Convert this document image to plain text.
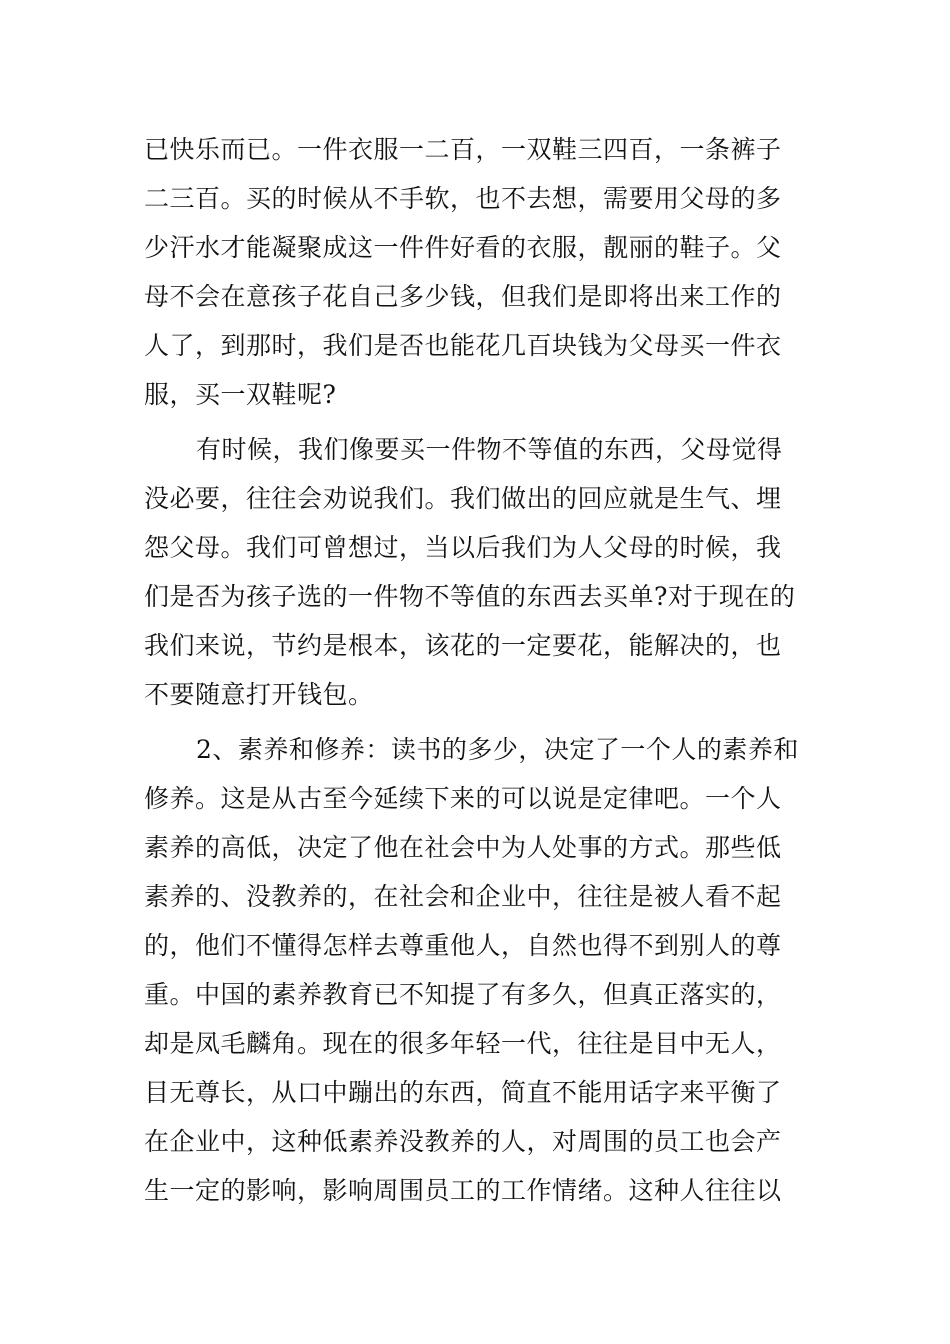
已快乐而已。一件衣服一二百，一双鞋三四百，一条裤子

二三百。买的时候从不手软，也不去想，需要用父母的多

少汗水才能凝聚成这一件件好看的衣服，靓丽的鞋子。父

母不会在意孩子花自己多少钱，但我们是即将出来工作的

人了，到那时，我们是否也能花几百块钱为父母买一件衣

服，买一双鞋呢?

有时候，我们像要买一件物不等值的东西，父母觉得

没必要，往往会劝说我们。我们做出的回应就是生气、埋

怨父母。我们可曾想过，当以后我们为人父母的时候，我

们是否为孩子选的一件物不等值的东西去买单?对于现在的

我们来说，节约是根本，该花的一定要花，能解决的，也

不要随意打开钱包。

2、素养和修养：读书的多少，决定了一个人的素养和

修养。这是从古至今延续下来的可以说是定律吧。一个人

素养的高低，决定了他在社会中为人处事的方式。那些低

素养的、没教养的，在社会和企业中，往往是被人看不起

的，他们不懂得怎样去尊重他人，自然也得不到别人的尊

重。中国的素养教育已不知提了有多久，但真正落实的，

却是凤毛麟角。现在的很多年轻一代，往往是目中无人，

目无尊长，从口中蹦出的东西，简直不能用话字来平衡了

在企业中，这种低素养没教养的人，对周围的员工也会产

生一定的影响，影响周围员工的工作情绪。这种人往往以
